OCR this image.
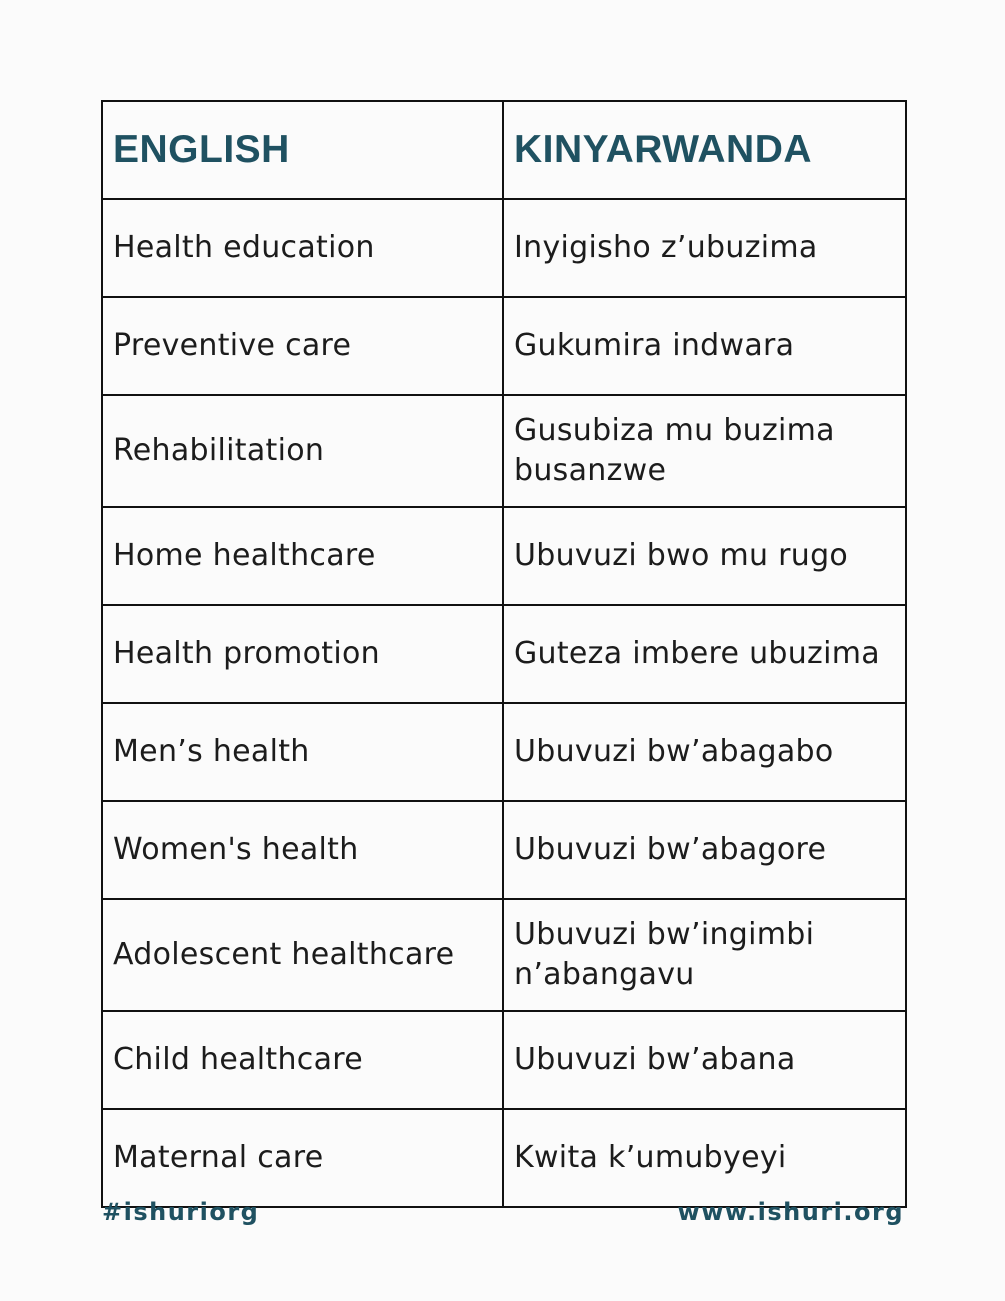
ENGLISH	KINYARWANDA
Health education	Inyigisho z’ubuzima
Preventive care	Gukumira indwara
Rehabilitation	Gusubiza mu buzima busanzwe
Home healthcare	Ubuvuzi bwo mu rugo
Health promotion	Guteza imbere ubuzima
Men’s health	Ubuvuzi bw’abagabo
Women's health	Ubuvuzi bw’abagore
Adolescent healthcare	Ubuvuzi bw’ingimbi n’abangavu
Child healthcare	Ubuvuzi bw’abana
Maternal care	Kwita k’umubyeyi
#ishuriorg	www.ishuri.org
